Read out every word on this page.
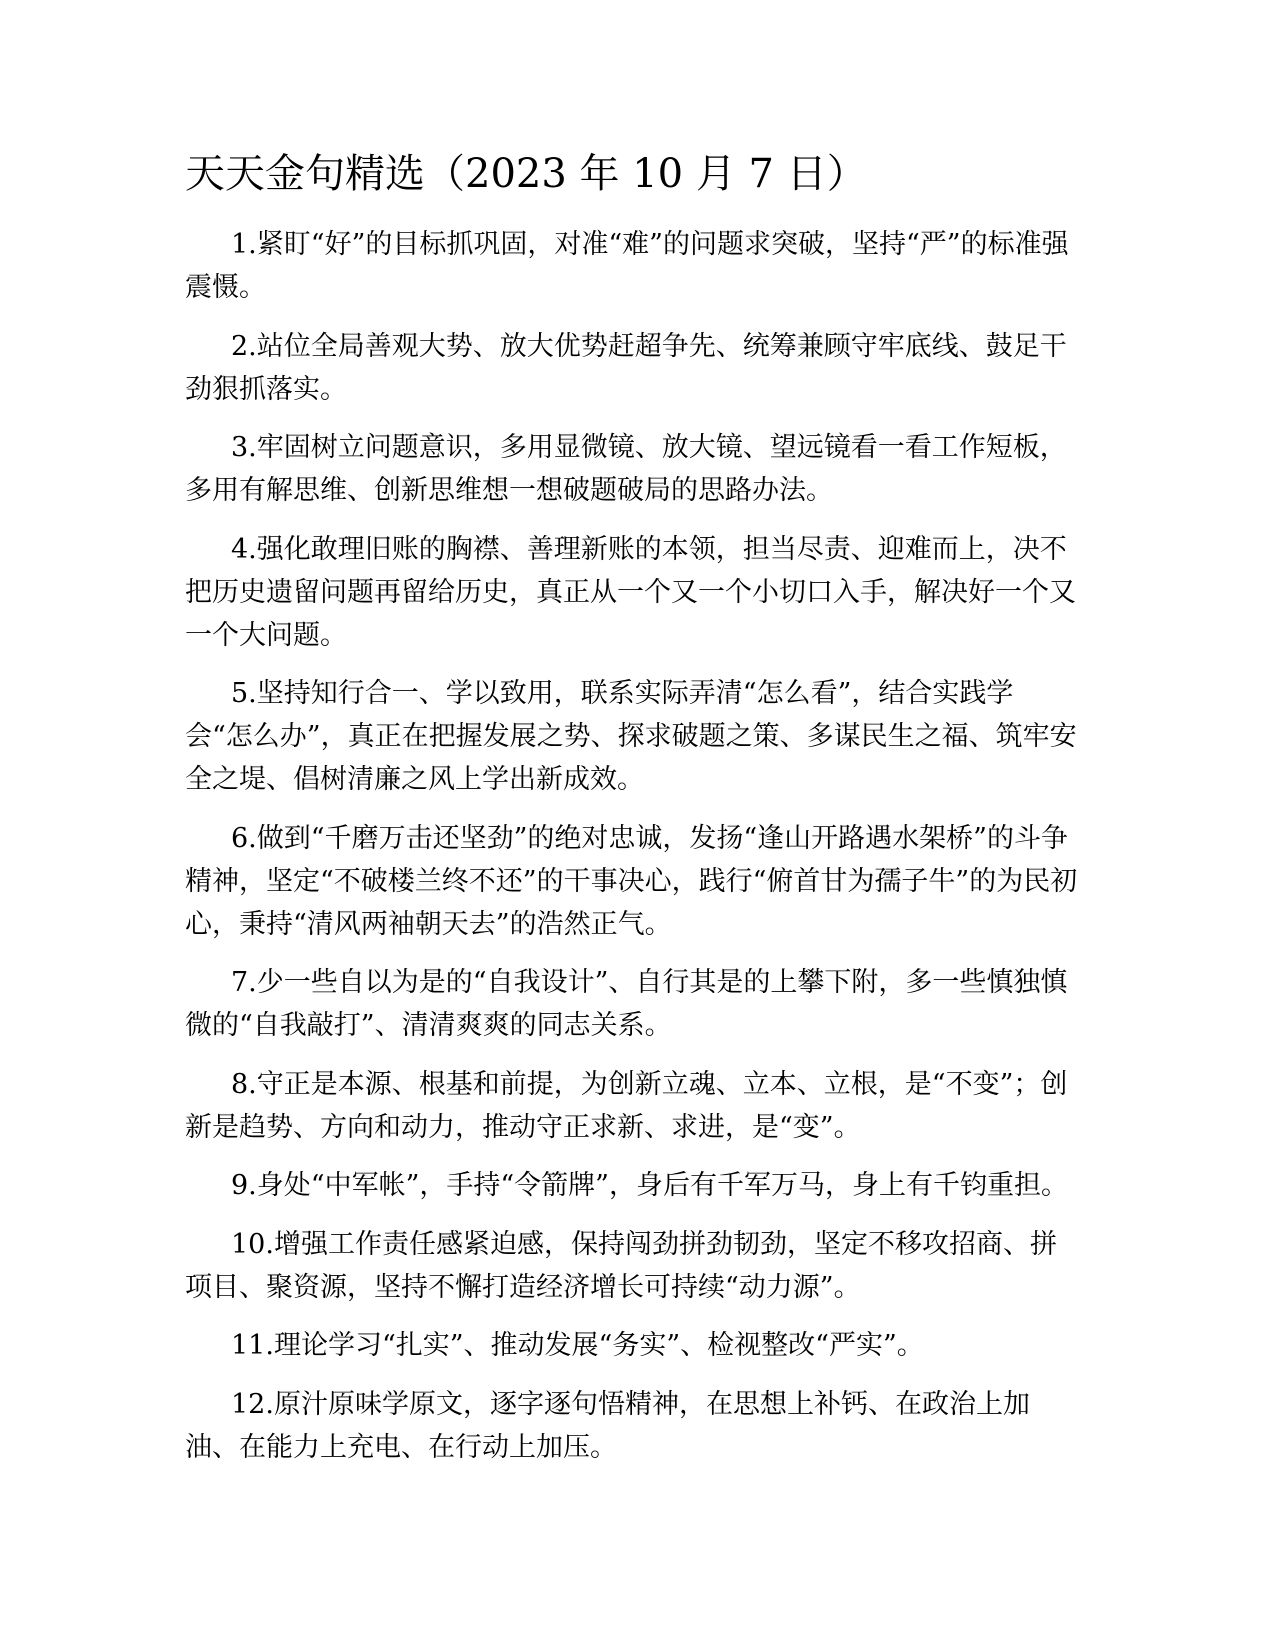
天天金句精选（2023 年 10 月 7 日）

1.紧盯“好”的目标抓巩固，对准“难”的问题求突破，坚持“严”的标准强震慑。

2.站位全局善观大势、放大优势赶超争先、统筹兼顾守牢底线、鼓足干劲狠抓落实。

3.牢固树立问题意识，多用显微镜、放大镜、望远镜看一看工作短板，多用有解思维、创新思维想一想破题破局的思路办法。

4.强化敢理旧账的胸襟、善理新账的本领，担当尽责、迎难而上，决不把历史遗留问题再留给历史，真正从一个又一个小切口入手，解决好一个又一个大问题。

5.坚持知行合一、学以致用，联系实际弄清“怎么看”，结合实践学会“怎么办”，真正在把握发展之势、探求破题之策、多谋民生之福、筑牢安全之堤、倡树清廉之风上学出新成效。

6.做到“千磨万击还坚劲”的绝对忠诚，发扬“逢山开路遇水架桥”的斗争精神，坚定“不破楼兰终不还”的干事决心，践行“俯首甘为孺子牛”的为民初心，秉持“清风两袖朝天去”的浩然正气。

7.少一些自以为是的“自我设计”、自行其是的上攀下附，多一些慎独慎微的“自我敲打”、清清爽爽的同志关系。

8.守正是本源、根基和前提，为创新立魂、立本、立根，是“不变”；创新是趋势、方向和动力，推动守正求新、求进，是“变”。

9.身处“中军帐”，手持“令箭牌”，身后有千军万马，身上有千钧重担。

10.增强工作责任感紧迫感，保持闯劲拼劲韧劲，坚定不移攻招商、拼项目、聚资源，坚持不懈打造经济增长可持续“动力源”。

11.理论学习“扎实”、推动发展“务实”、检视整改“严实”。

12.原汁原味学原文，逐字逐句悟精神，在思想上补钙、在政治上加油、在能力上充电、在行动上加压。
